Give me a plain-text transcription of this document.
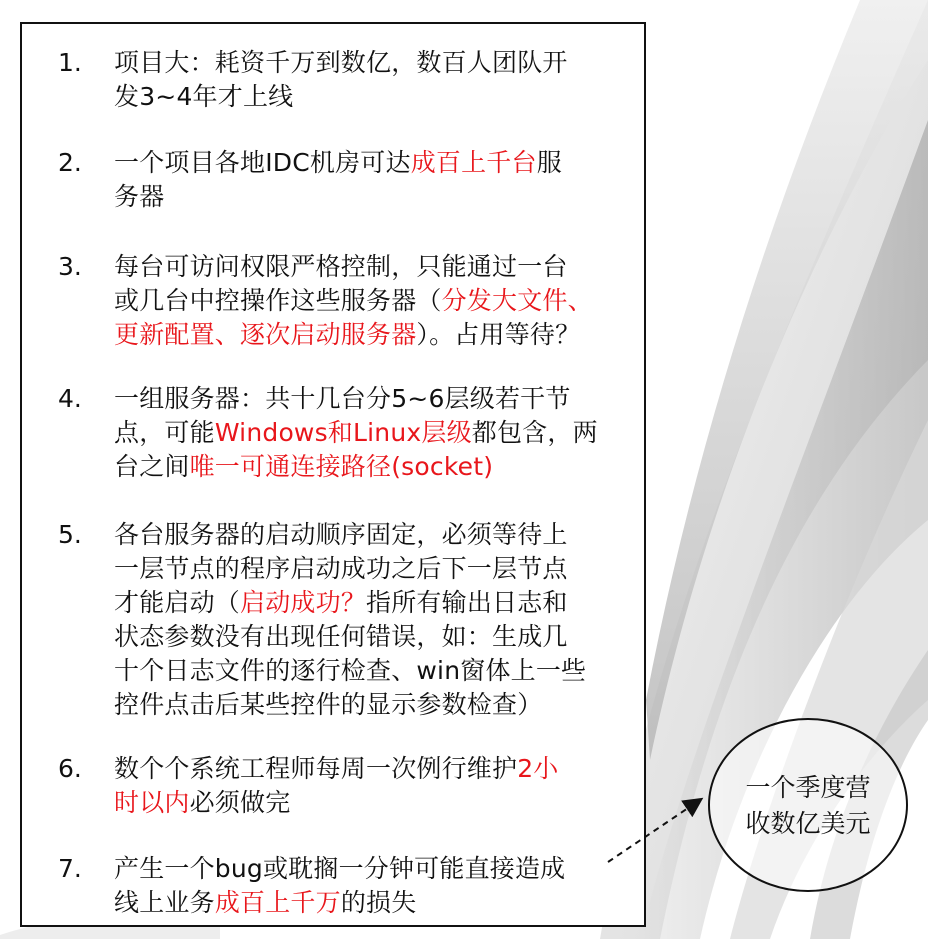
1. 项目大：耗资千万到数亿，数百人团队开
发3~4年才上线
2. 一个项目各地IDC机房可达成百上千台服
务器
3. 每台可访问权限严格控制，只能通过一台
或几台中控操作这些服务器（分发大文件、
更新配置、逐次启动服务器）。占用等待？
4. 一组服务器：共十几台分5~6层级若干节
点，可能Windows和Linux层级都包含，两
台之间唯一可通连接路径(socket)
5. 各台服务器的启动顺序固定，必须等待上
一层节点的程序启动成功之后下一层节点
才能启动（启动成功？指所有输出日志和
状态参数没有出现任何错误，如：生成几
十个日志文件的逐行检查、win窗体上一些
控件点击后某些控件的显示参数检查）
6. 数个个系统工程师每周一次例行维护2小
时以内必须做完
7. 产生一个bug或耽搁一分钟可能直接造成
线上业务成百上千万的损失
一个季度营
收数亿美元
